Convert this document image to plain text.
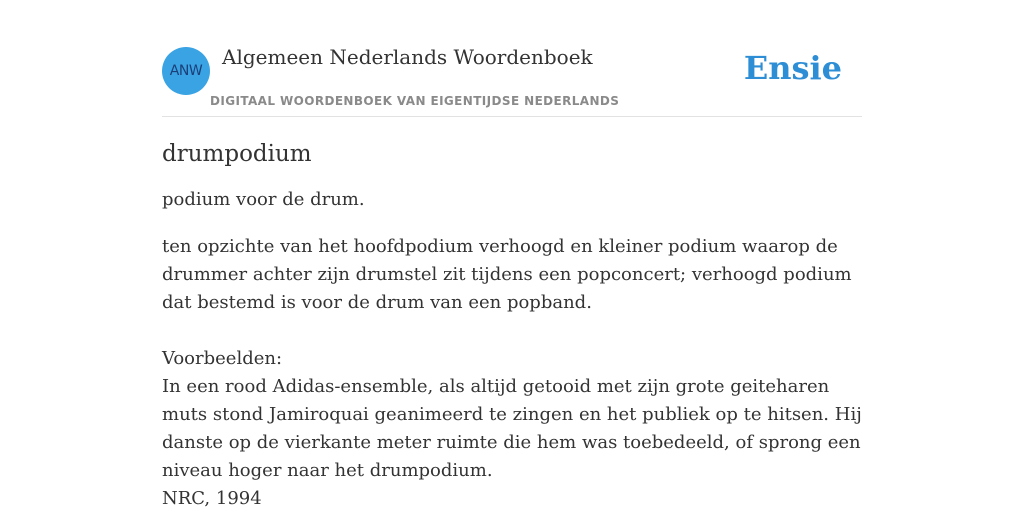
ANW
Algemeen Nederlands Woordenboek
DIGITAAL WOORDENBOEK VAN EIGENTIJDSE NEDERLANDS
Ensie
drumpodium

podium voor de drum.

ten opzichte van het hoofdpodium verhoogd en kleiner podium waarop de drummer achter zijn drumstel zit tijdens een popconcert; verhoogd podium dat bestemd is voor de drum van een popband.

Voorbeelden:

In een rood Adidas-ensemble, als altijd getooid met zijn grote geiteharen muts stond Jamiroquai geanimeerd te zingen en het publiek op te hitsen. Hij danste op de vierkante meter ruimte die hem was toebedeeld, of sprong een niveau hoger naar het drumpodium.

NRC, 1994
